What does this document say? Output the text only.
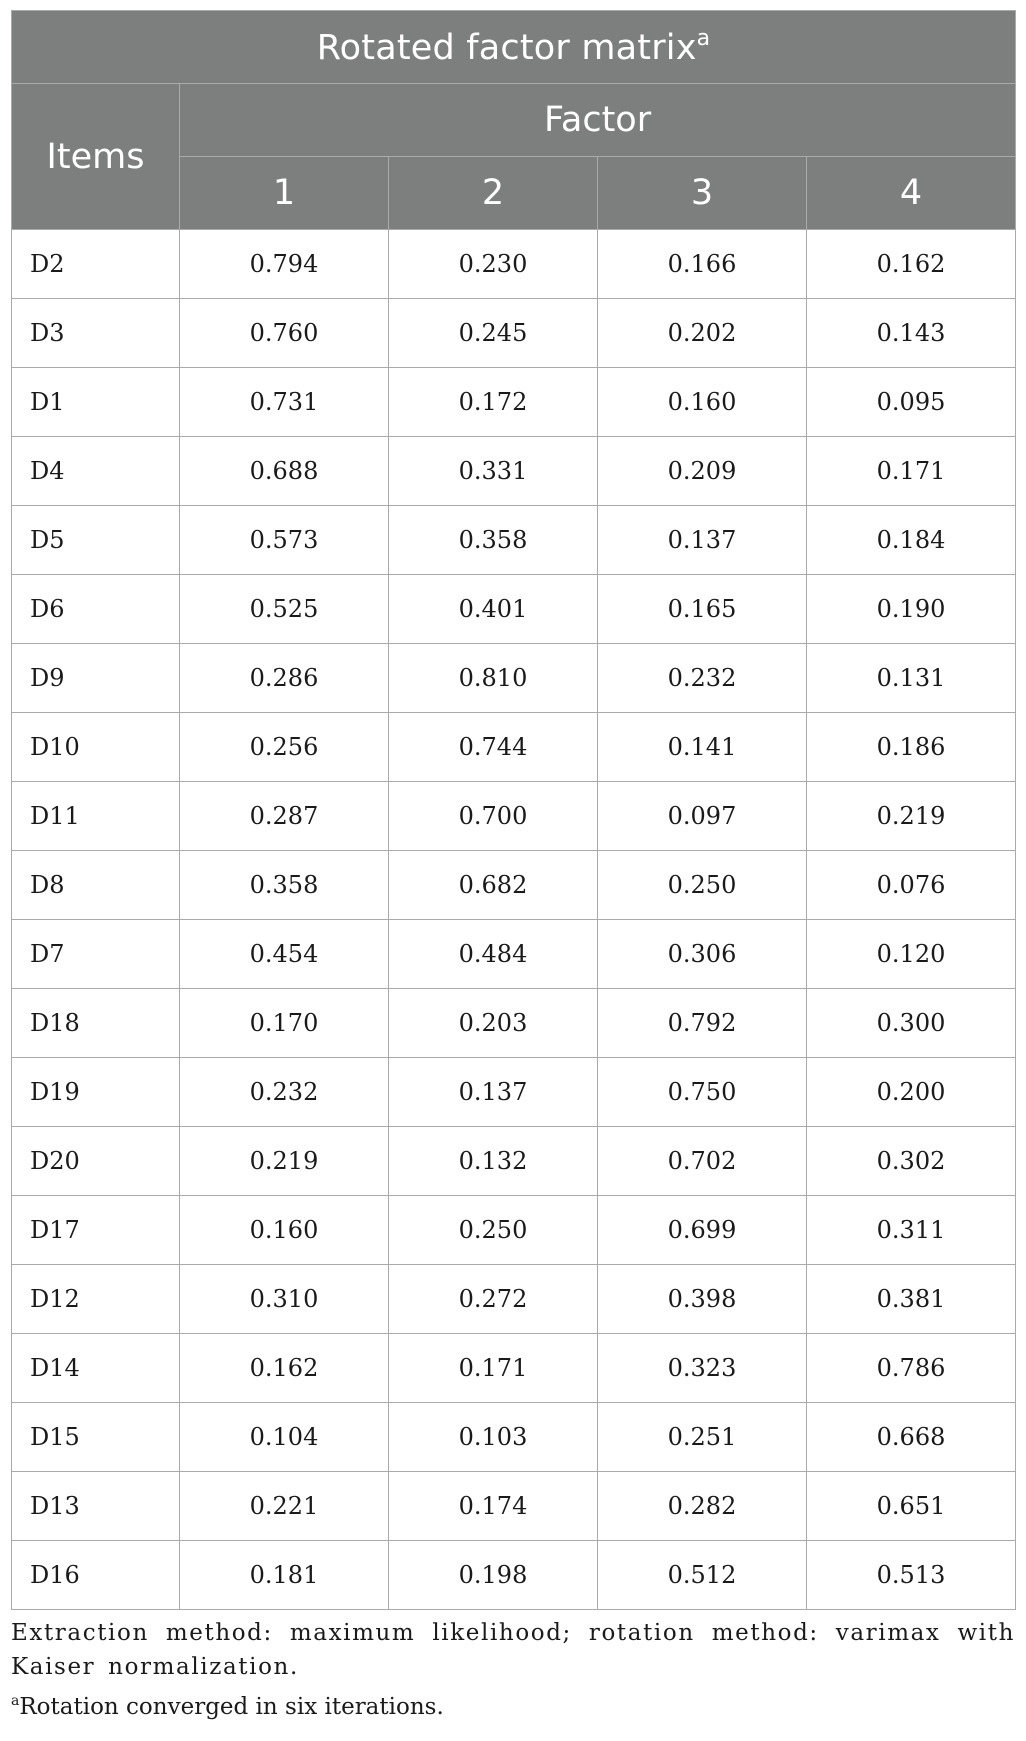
Rotated factor matrix$^a$
Items	Factor			
	1	2	3	4
D2	0.794	0.230	0.166	0.162
D3	0.760	0.245	0.202	0.143
D1	0.731	0.172	0.160	0.095
D4	0.688	0.331	0.209	0.171
D5	0.573	0.358	0.137	0.184
D6	0.525	0.401	0.165	0.190
D9	0.286	0.810	0.232	0.131
D10	0.256	0.744	0.141	0.186
D11	0.287	0.700	0.097	0.219
D8	0.358	0.682	0.250	0.076
D7	0.454	0.484	0.306	0.120
D18	0.170	0.203	0.792	0.300
D19	0.232	0.137	0.750	0.200
D20	0.219	0.132	0.702	0.302
D17	0.160	0.250	0.699	0.311
D12	0.310	0.272	0.398	0.381
D14	0.162	0.171	0.323	0.786
D15	0.104	0.103	0.251	0.668
D13	0.221	0.174	0.282	0.651
D16	0.181	0.198	0.512	0.513
Extraction method: maximum likelihood; rotation method: varimax with Kaiser normalization.
$^a$Rotation converged in six iterations.
